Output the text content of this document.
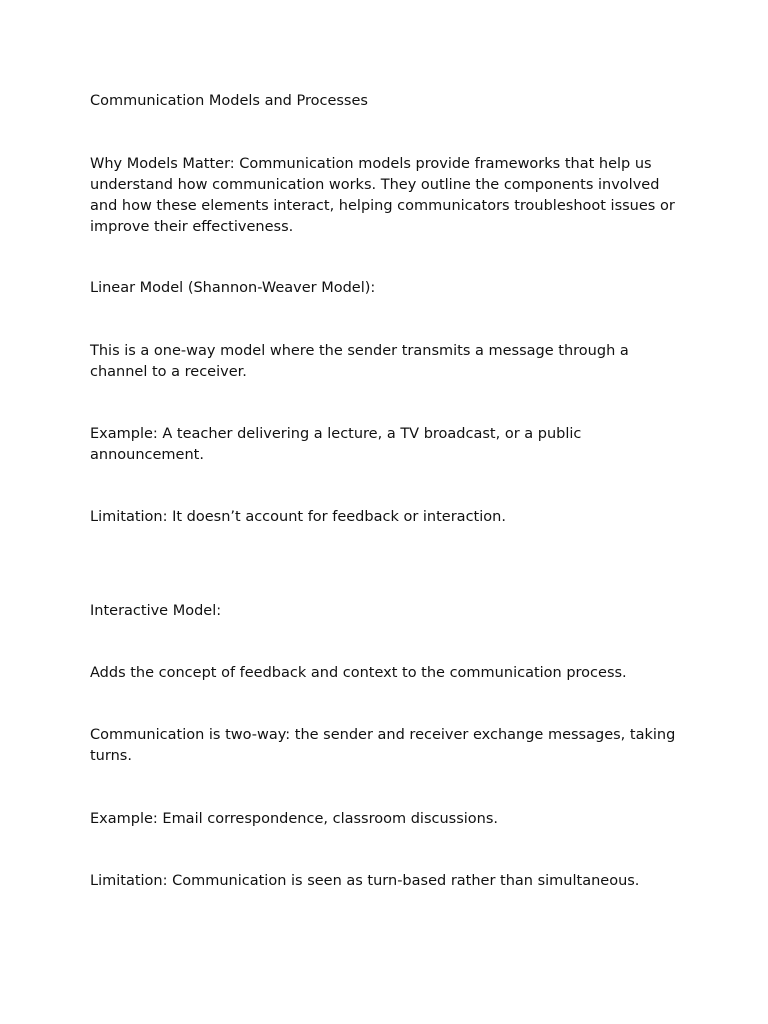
Communication Models and Processes

Why Models Matter: Communication models provide frameworks that help us understand how communication works. They outline the components involved and how these elements interact, helping communicators troubleshoot issues or improve their effectiveness.

Linear Model (Shannon-Weaver Model):

This is a one-way model where the sender transmits a message through a channel to a receiver.

Example: A teacher delivering a lecture, a TV broadcast, or a public announcement.

Limitation: It doesn’t account for feedback or interaction.

Interactive Model:

Adds the concept of feedback and context to the communication process.

Communication is two-way: the sender and receiver exchange messages, taking turns.

Example: Email correspondence, classroom discussions.

Limitation: Communication is seen as turn-based rather than simultaneous.
